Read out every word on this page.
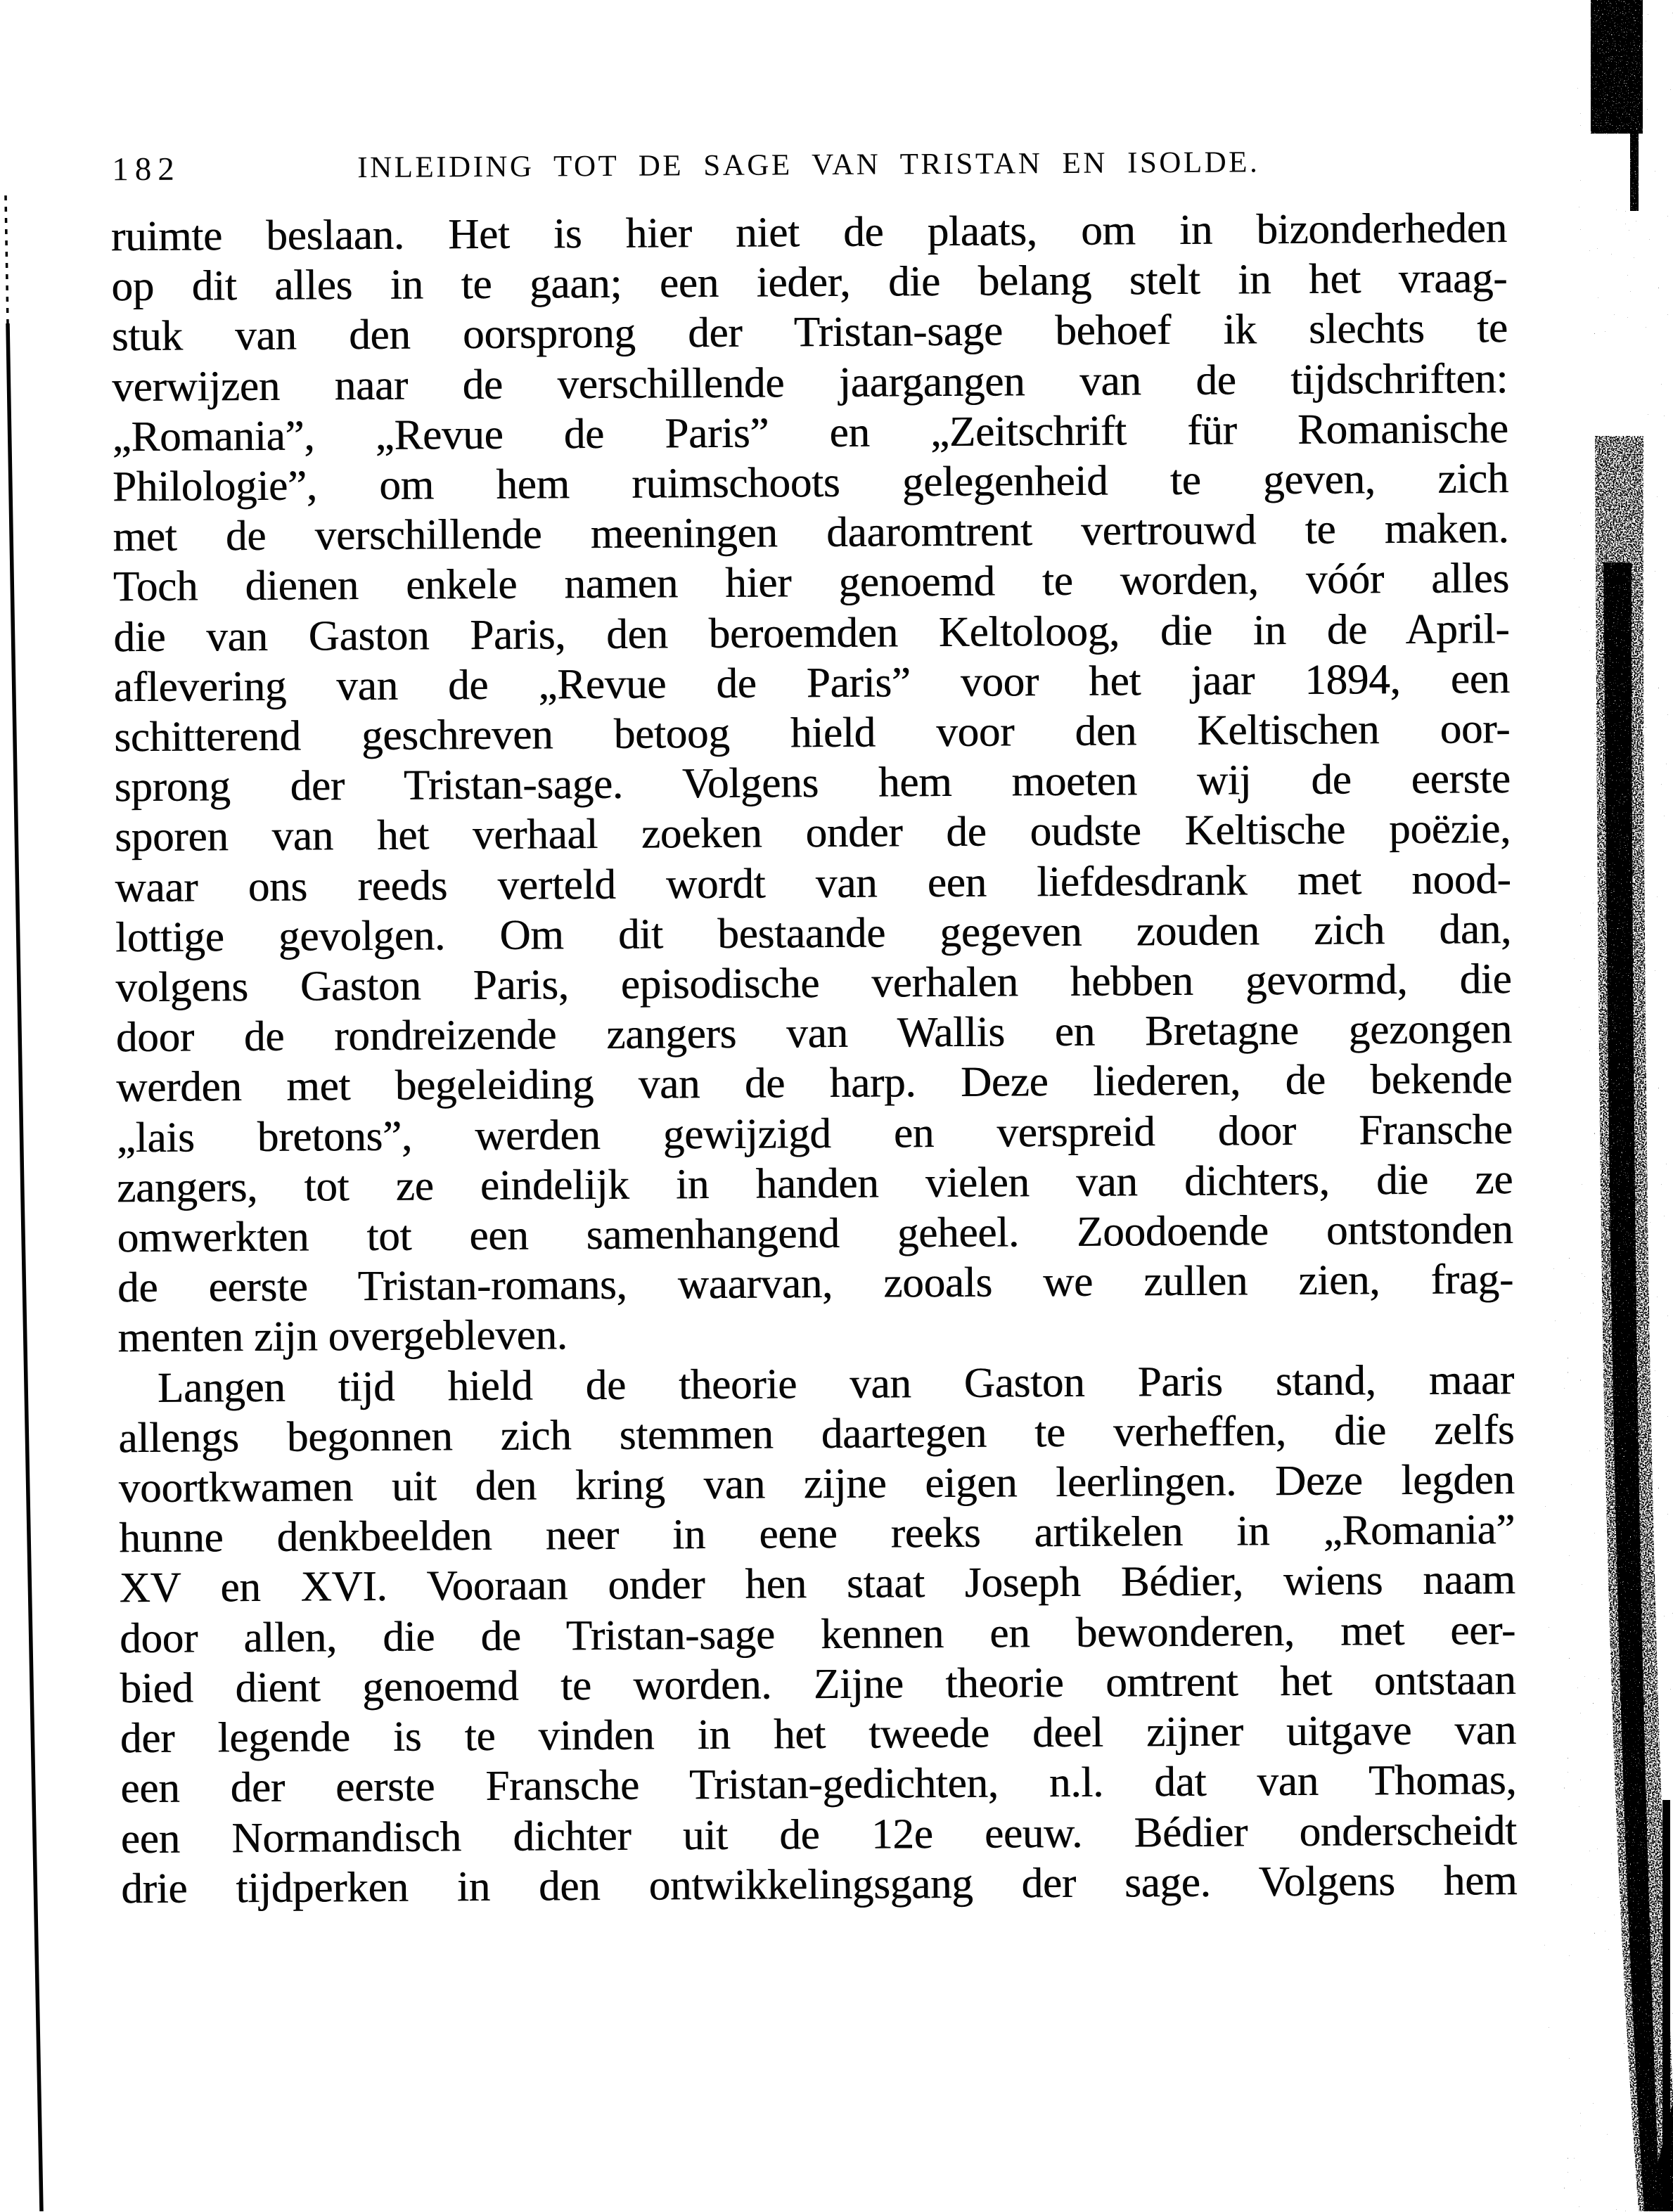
182	INLEIDING TOT DE SAGE VAN TRISTAN EN ISOLDE.
ruimte beslaan. Het is hier niet de plaats, om in bizonderheden
op dit alles in te gaan; een ieder, die belang stelt in het vraag-
stuk van den oorsprong der Tristan-sage behoef ik slechts te
verwijzen naar de verschillende jaargangen van de tijdschriften:
„Romania”, „Revue de Paris” en „Zeitschrift für Romanische
Philologie”, om hem ruimschoots gelegenheid te geven, zich
met de verschillende meeningen daaromtrent vertrouwd te maken.
Toch dienen enkele namen hier genoemd te worden, vóór alles
die van Gaston Paris, den beroemden Keltoloog, die in de April-
aflevering van de „Revue de Paris” voor het jaar 1894, een
schitterend geschreven betoog hield voor den Keltischen oor-
sprong der Tristan-sage. Volgens hem moeten wij de eerste
sporen van het verhaal zoeken onder de oudste Keltische poëzie,
waar ons reeds verteld wordt van een liefdesdrank met nood-
lottige gevolgen. Om dit bestaande gegeven zouden zich dan,
volgens Gaston Paris, episodische verhalen hebben gevormd, die
door de rondreizende zangers van Wallis en Bretagne gezongen
werden met begeleiding van de harp. Deze liederen, de bekende
„lais bretons”, werden gewijzigd en verspreid door Fransche
zangers, tot ze eindelijk in handen vielen van dichters, die ze
omwerkten tot een samenhangend geheel. Zoodoende ontstonden
de eerste Tristan-romans, waarvan, zooals we zullen zien, frag-
menten zijn overgebleven.
Langen tijd hield de theorie van Gaston Paris stand, maar
allengs begonnen zich stemmen daartegen te verheffen, die zelfs
voortkwamen uit den kring van zijne eigen leerlingen. Deze legden
hunne denkbeelden neer in eene reeks artikelen in „Romania”
XV en XVI. Vooraan onder hen staat Joseph Bédier, wiens naam
door allen, die de Tristan-sage kennen en bewonderen, met eer-
bied dient genoemd te worden. Zijne theorie omtrent het ontstaan
der legende is te vinden in het tweede deel zijner uitgave van
een der eerste Fransche Tristan-gedichten, n.l. dat van Thomas,
een Normandisch dichter uit de 12e eeuw. Bédier onderscheidt
drie tijdperken in den ontwikkelingsgang der sage. Volgens hem
